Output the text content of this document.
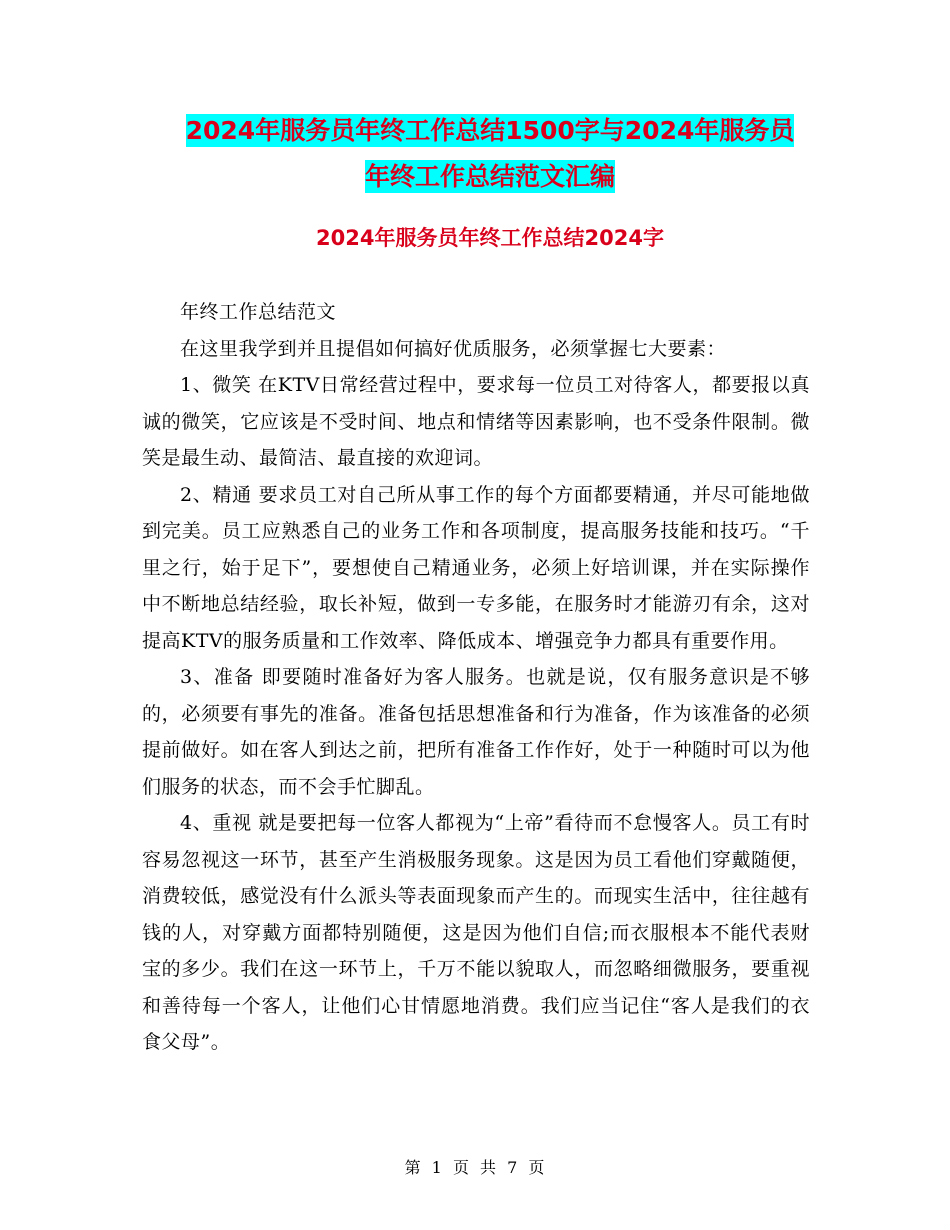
2024年服务员年终工作总结1500字与2024年服务员
年终工作总结范文汇编
2024年服务员年终工作总结2024字

年终工作总结范文

在这里我学到并且提倡如何搞好优质服务，必须掌握七大要素：

1、微笑 在KTV日常经营过程中，要求每一位员工对待客人，都要报以真诚的微笑，它应该是不受时间、地点和情绪等因素影响，也不受条件限制。微笑是最生动、最简洁、最直接的欢迎词。

2、精通 要求员工对自己所从事工作的每个方面都要精通，并尽可能地做到完美。员工应熟悉自己的业务工作和各项制度，提高服务技能和技巧。“千里之行，始于足下”，要想使自己精通业务，必须上好培训课，并在实际操作中不断地总结经验，取长补短，做到一专多能，在服务时才能游刃有余，这对提高KTV的服务质量和工作效率、降低成本、增强竞争力都具有重要作用。

3、准备 即要随时准备好为客人服务。也就是说，仅有服务意识是不够的，必须要有事先的准备。准备包括思想准备和行为准备，作为该准备的必须提前做好。如在客人到达之前，把所有准备工作作好，处于一种随时可以为他们服务的状态，而不会手忙脚乱。

4、重视 就是要把每一位客人都视为“上帝”看待而不怠慢客人。员工有时容易忽视这一环节，甚至产生消极服务现象。这是因为员工看他们穿戴随便，消费较低，感觉没有什么派头等表面现象而产生的。而现实生活中，往往越有钱的人，对穿戴方面都特别随便，这是因为他们自信;而衣服根本不能代表财宝的多少。我们在这一环节上，千万不能以貌取人，而忽略细微服务，要重视和善待每一个客人，让他们心甘情愿地消费。我们应当记住“客人是我们的衣食父母”。

第 1 页 共 7 页
